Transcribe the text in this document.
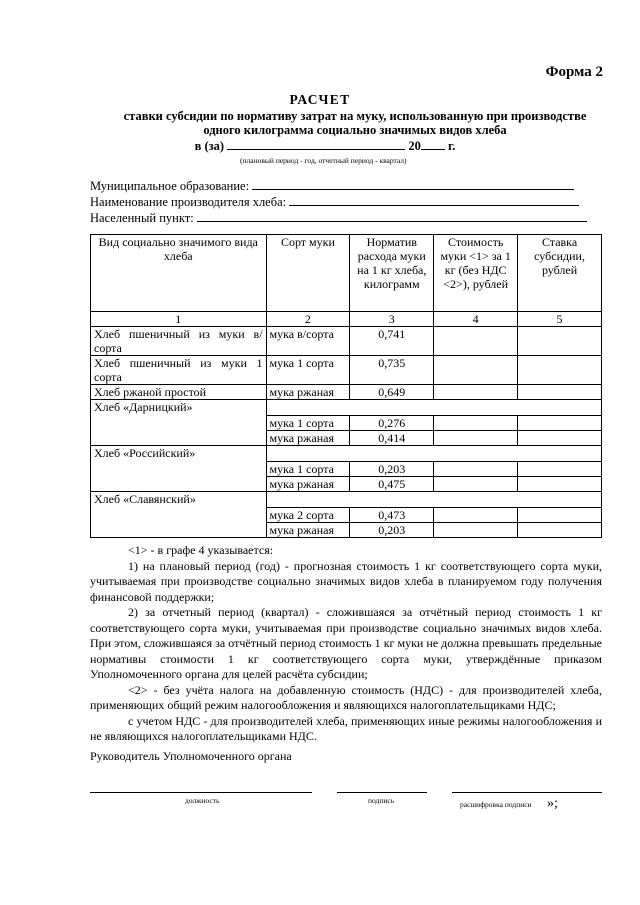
Форма 2
РАСЧЕТ
ставки субсидии по нормативу затрат на муку, использованную при производстве
одного килограмма социально значимых видов хлеба
в (за)	20 г.
(плановый период - год, отчетный период - квартал)
Муниципальное образование:
Наименование производителя хлеба:
Населенный пункт:
Вид социально значимого вида хлеба	Сорт муки	Норматив расхода муки на 1 кг хлеба, килограмм	Стоимость муки <1> за 1 кг (без НДС <2>), рублей	Ставка субсидии, рублей
1	2	3	4	5
Хлеб пшеничный из муки в/сорта	мука в/сорта	0,741		
Хлеб пшеничный из муки 1 сорта	мука 1 сорта	0,735		
Хлеб ржаной простой	мука ржаная	0,649		
Хлеб «Дарницкий»				
	мука 1 сорта	0,276		
	мука ржаная	0,414		
Хлеб «Российский»				
	мука 1 сорта	0,203		
	мука ржаная	0,475		
Хлеб «Славянский»				
	мука 2 сорта	0,473		
	мука ржаная	0,203		

<1> - в графе 4 указывается:

1) на плановый период (год) - прогнозная стоимость 1 кг соответствующего сорта муки, учитываемая при производстве социально значимых видов хлеба в планируемом году получения финансовой поддержки;

2) за отчетный период (квартал) - сложившаяся за отчётный период стоимость 1 кг соответствующего сорта муки, учитываемая при производстве социально значимых видов хлеба. При этом, сложившаяся за отчётный период стоимость 1 кг муки не должна превышать предельные нормативы стоимости 1 кг соответствующего сорта муки, утверждённые приказом Уполномоченного органа для целей расчёта субсидии;

<2> - без учёта налога на добавленную стоимость (НДС) - для производителей хлеба, применяющих общий режим налогообложения и являющихся налогоплательщиками НДС;

с учетом НДС - для производителей хлеба, применяющих иные режимы налогообложения и не являющихся налогоплательщиками НДС.

Руководитель Уполномоченного органа
должность	подпись	расшифровка подписи »;
